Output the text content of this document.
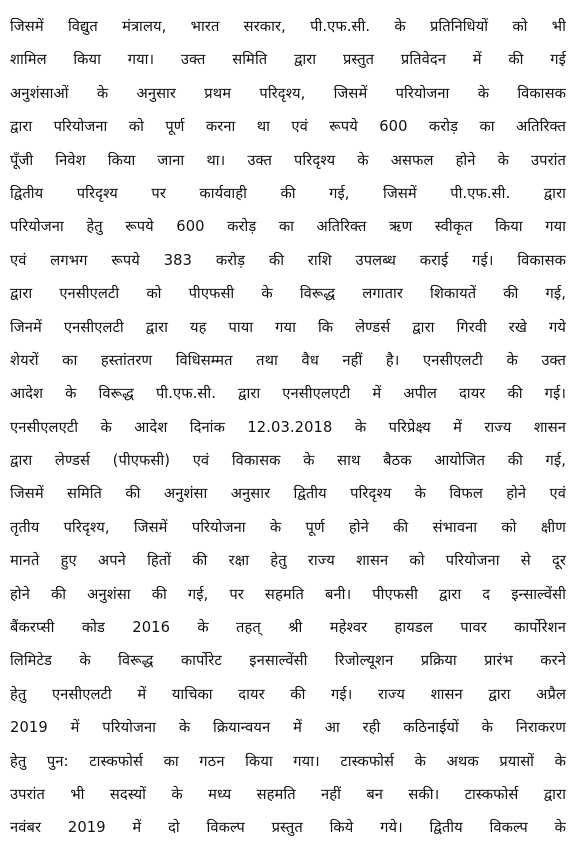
जिसमें विद्युत मंत्रालय, भारत सरकार, पी.एफ.सी. के प्रतिनिधियों को भी
शामिल किया गया। उक्त समिति द्वारा प्रस्तुत प्रतिवेदन में की गई
अनुशंसाओं के अनुसार प्रथम परिदृश्य, जिसमें परियोजना के विकासक
द्वारा परियोजना को पूर्ण करना था एवं रूपये 600 करोड़ का अतिरिक्त
पूँजी निवेश किया जाना था। उक्त परिदृश्य के असफल होने के उपरांत
द्वितीय परिदृश्य पर कार्यवाही की गई, जिसमें पी.एफ.सी. द्वारा
परियोजना हेतु रूपये 600 करोड़ का अतिरिक्त ऋण स्वीकृत किया गया
एवं लगभग रूपये 383 करोड़ की राशि उपलब्ध कराई गई। विकासक
द्वारा एनसीएलटी को पीएफसी के विरूद्ध लगातार शिकायतें की गई,
जिनमें एनसीएलटी द्वारा यह पाया गया कि लेण्डर्स द्वारा गिरवी रखे गये
शेयरों का हस्तांतरण विधिसम्मत तथा वैध नहीं है। एनसीएलटी के उक्त
आदेश के विरूद्ध पी.एफ.सी. द्वारा एनसीएलएटी में अपील दायर की गई।
एनसीएलएटी के आदेश दिनांक 12.03.2018 के परिप्रेक्ष्य में राज्य शासन
द्वारा लेण्डर्स (पीएफसी) एवं विकासक के साथ बैठक आयोजित की गई,
जिसमें समिति की अनुशंसा अनुसार द्वितीय परिदृश्य के विफल होने एवं
तृतीय परिदृश्य, जिसमें परियोजना के पूर्ण होने की संभावना को क्षीण
मानते हुए अपने हितों की रक्षा हेतु राज्य शासन को परियोजना से दूर
होने की अनुशंसा की गई, पर सहमति बनी। पीएफसी द्वारा द इन्साल्वेंसी
बैंकरप्सी कोड 2016 के तहत् श्री महेश्वर हायडल पावर कार्पोरेशन
लिमिटेड के विरूद्ध कार्पोरेट इनसाल्वेंसी रिजोल्यूशन प्रक्रिया प्रारंभ करने
हेतु एनसीएलटी में याचिका दायर की गई। राज्य शासन द्वारा अप्रैल
2019 में परियोजना के क्रियान्वयन में आ रही कठिनाईयों के निराकरण
हेतु पुन: टास्कफोर्स का गठन किया गया। टास्कफोर्स के अथक प्रयासों के
उपरांत भी सदस्यों के मध्य सहमति नहीं बन सकी। टास्कफोर्स द्वारा
नवंबर 2019 में दो विकल्प प्रस्तुत किये गये। द्वितीय विकल्प के
